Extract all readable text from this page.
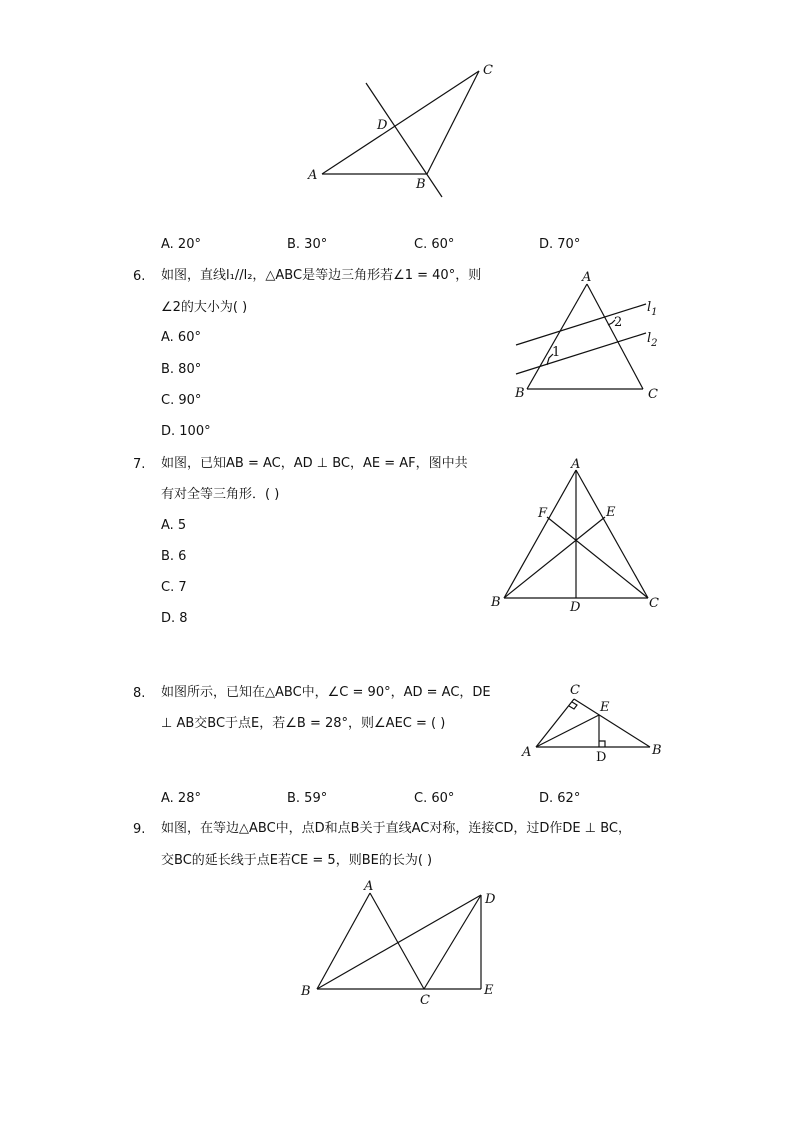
A
B
C
D
A. 20°	B. 30°	C. 60°	D. 70°
6. 如图，直线l₁//l₂，△ABC是等边三角形若∠1 = 40°，则
∠2的大小为( )
A. 60°
B. 80°
C. 90°
D. 100°
A
B	C
$l_1$
$l_2$
1
2
7. 如图，已知AB = AC，AD ⊥ BC，AE = AF，图中共
有对全等三角形．( )
A. 5
B. 6
C. 7
D. 8
A
B	C
D
E
F
8. 如图所示，已知在△ABC中，∠C = 90°，AD = AC，DE
⊥ AB交BC于点E，若∠B = 28°，则∠AEC = ( )
C
E
A	B
D
A. 28°	B. 59°	C. 60°	D. 62°
9. 如图，在等边△ABC中，点D和点B关于直线AC对称，连接CD，过D作DE ⊥ BC，
交BC的延长线于点E若CE = 5，则BE的长为( )
A
B
C
D
E
